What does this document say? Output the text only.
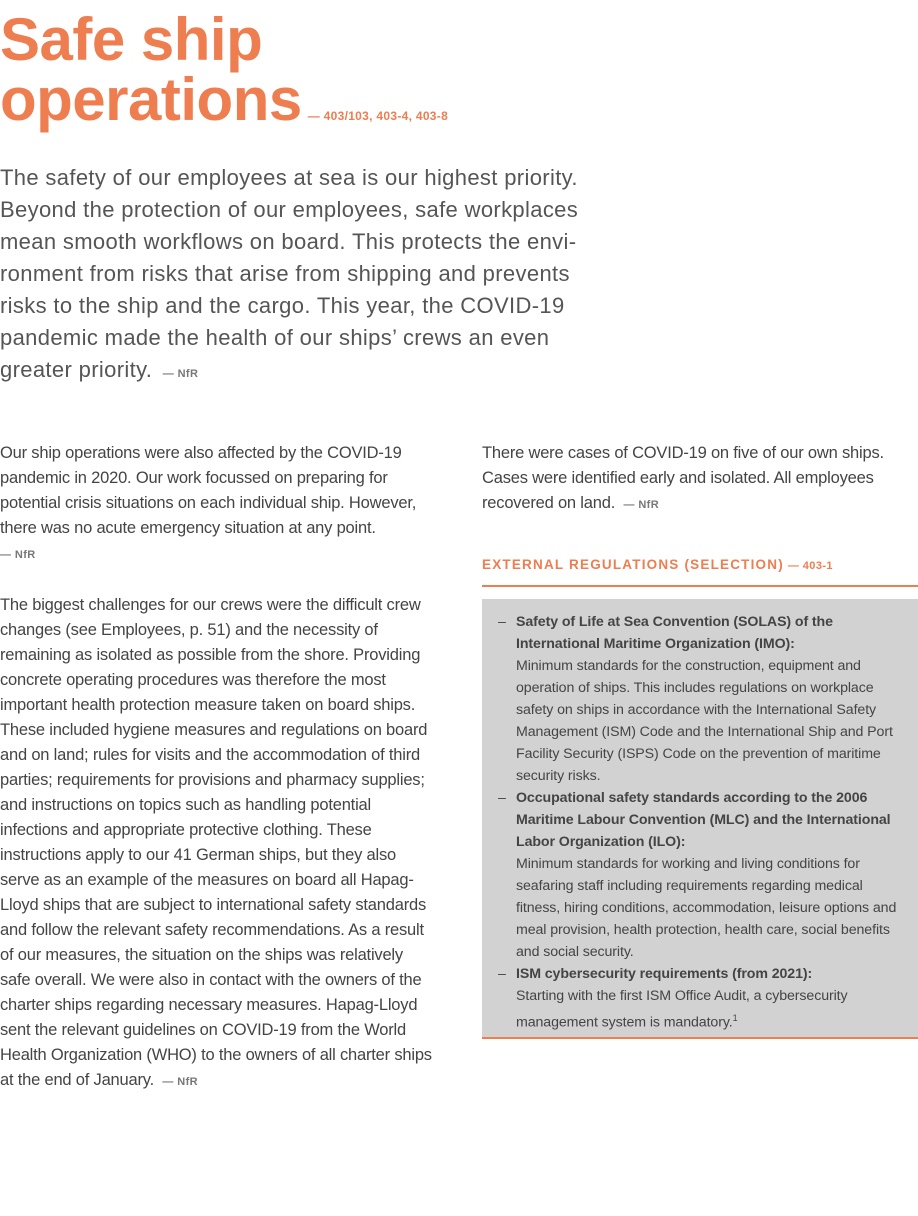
Safe ship
operations — 403/103, 403-4, 403-8

The safety of our employees at sea is our highest priority. Beyond the protection of our employees, safe workplaces mean smooth workflows on board. This protects the environment from risks that arise from shipping and prevents risks to the ship and the cargo. This year, the COVID-19 pandemic made the health of our ships’ crews an even greater priority. — NfR

Our ship operations were also affected by the COVID-19 pandemic in 2020. Our work focussed on preparing for potential crisis situations on each individual ship. However, there was no acute emergency situation at any point.
— NfR

The biggest challenges for our crews were the difficult crew changes (see Employees, p. 51) and the necessity of remaining as isolated as possible from the shore. Providing concrete operating procedures was therefore the most important health protection measure taken on board ships. These included hygiene measures and regulations on board and on land; rules for visits and the accommodation of third parties; requirements for provisions and pharmacy supplies; and instructions on topics such as handling potential infections and appropriate protective clothing. These instructions apply to our 41 German ships, but they also serve as an example of the measures on board all Hapag-Lloyd ships that are subject to international safety standards and follow the relevant safety recommendations. As a result of our measures, the situation on the ships was relatively safe overall. We were also in contact with the owners of the charter ships regarding necessary measures. Hapag-Lloyd sent the relevant guidelines on COVID-19 from the World Health Organization (WHO) to the owners of all charter ships at the end of January. — NfR

There were cases of COVID-19 on five of our own ships. Cases were identified early and isolated. All employees recovered on land. — NfR

EXTERNAL REGULATIONS (SELECTION) — 403-1
– Safety of Life at Sea Convention (SOLAS) of the International Maritime Organization (IMO):
Minimum standards for the construction, equipment and operation of ships. This includes regulations on workplace safety on ships in accordance with the International Safety Management (ISM) Code and the International Ship and Port Facility Security (ISPS) Code on the prevention of maritime security risks.
– Occupational safety standards according to the 2006 Maritime Labour Convention (MLC) and the International Labor Organization (ILO):
Minimum standards for working and living conditions for seafaring staff including requirements regarding medical fitness, hiring conditions, accommodation, leisure options and meal provision, health protection, health care, social benefits and social security.
– ISM cybersecurity requirements (from 2021):
Starting with the first ISM Office Audit, a cybersecurity management system is mandatory.$^1$
